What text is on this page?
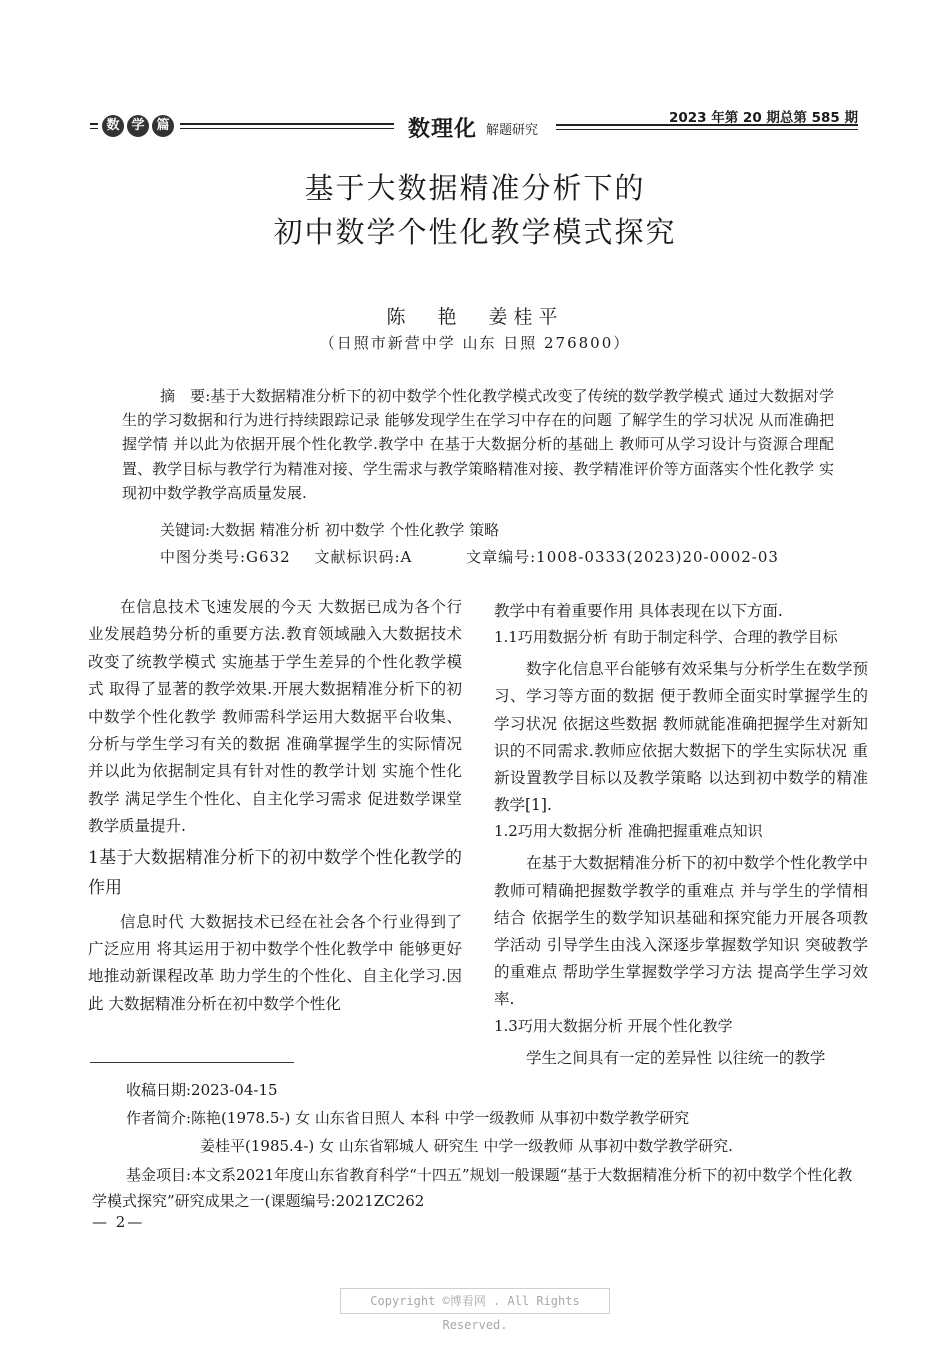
数 学 篇	数理化 解题研究
2023 年第 20 期总第 585 期
基于大数据精准分析下的
初中数学个性化教学模式探究
陈 艳 姜桂平
（日照市新营中学 山东 日照 276800）
摘　要:基于大数据精准分析下的初中数学个性化教学模式改变了传统的数学教学模式 通过大数据对学生的学习数据和行为进行持续跟踪记录 能够发现学生在学习中存在的问题 了解学生的学习状况 从而准确把握学情 并以此为依据开展个性化教学.教学中 在基于大数据分析的基础上 教师可从学习设计与资源合理配置、教学目标与教学行为精准对接、学生需求与教学策略精准对接、教学精准评价等方面落实个性化教学 实现初中数学教学高质量发展.
关键词:大数据 精准分析 初中数学 个性化教学 策略
中图分类号:G632 文献标识码:A	文章编号:1008-0333(2023)20-0002-03

在信息技术飞速发展的今天 大数据已成为各个行业发展趋势分析的重要方法.教育领域融入大数据技术 改变了统教学模式 实施基于学生差异的个性化教学模式 取得了显著的教学效果.开展大数据精准分析下的初中数学个性化教学 教师需科学运用大数据平台收集、分析与学生学习有关的数据 准确掌握学生的实际情况 并以此为依据制定具有针对性的教学计划 实施个性化教学 满足学生个性化、自主化学习需求 促进数学课堂教学质量提升.

1基于大数据精准分析下的初中数学个性化教学的作用

信息时代 大数据技术已经在社会各个行业得到了广泛应用 将其运用于初中数学个性化教学中 能够更好地推动新课程改革 助力学生的个性化、自主化学习.因此 大数据精准分析在初中数学个性化

教学中有着重要作用 具体表现在以下方面.

1.1巧用数据分析 有助于制定科学、合理的教学目标

数字化信息平台能够有效采集与分析学生在数学预习、学习等方面的数据 便于教师全面实时掌握学生的学习状况 依据这些数据 教师就能准确把握学生对新知识的不同需求.教师应依据大数据下的学生实际状况 重新设置教学目标以及教学策略 以达到初中数学的精准教学[1].

1.2巧用大数据分析 准确把握重难点知识

在基于大数据精准分析下的初中数学个性化教学中 教师可精确把握数学教学的重难点 并与学生的学情相结合 依据学生的数学知识基础和探究能力开展各项教学活动 引导学生由浅入深逐步掌握数学知识 突破教学的重难点 帮助学生掌握数学学习方法 提高学生学习效率.

1.3巧用大数据分析 开展个性化教学

学生之间具有一定的差异性 以往统一的教学

收稿日期:2023-04-15
作者简介:陈艳(1978.5-) 女 山东省日照人 本科 中学一级教师 从事初中数学教学研究
姜桂平(1985.4-) 女 山东省郓城人 研究生 中学一级教师 从事初中数学教学研究.
基金项目:本文系2021年度山东省教育科学“十四五”规划一般课题“基于大数据精准分析下的初中数学个性化教学模式探究”研究成果之一(课题编号:2021ZC262
— 2—
Copyright ©博看网 . All Rights Reserved.
